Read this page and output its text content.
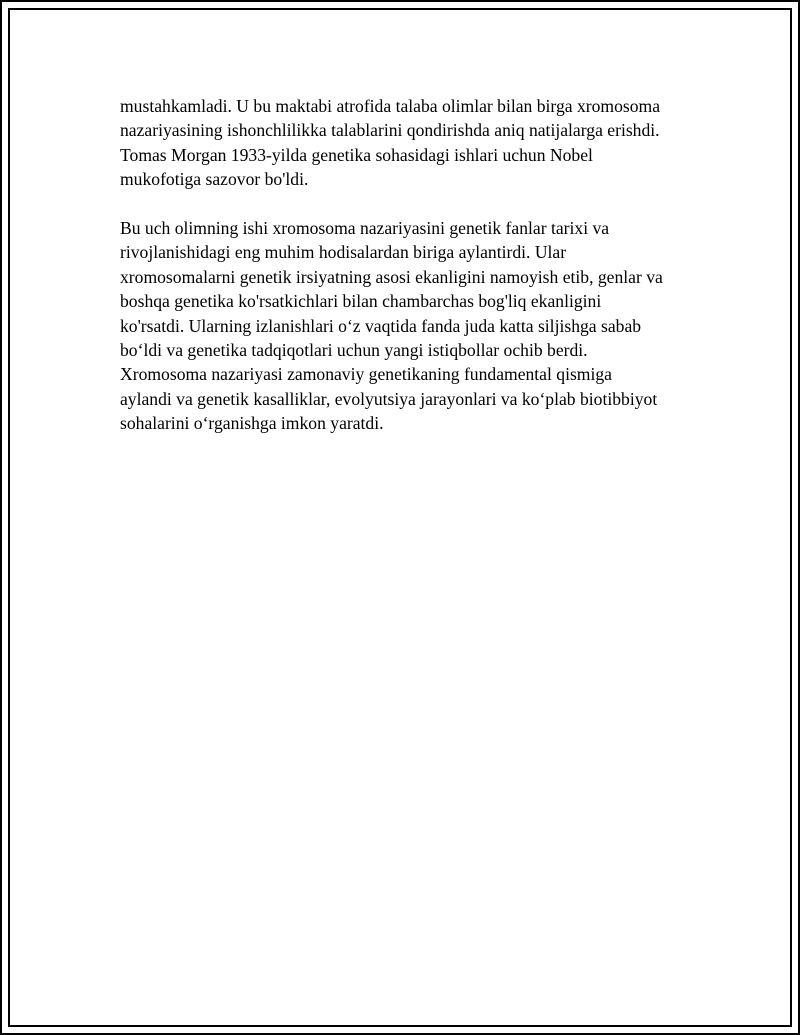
mustahkamladi. U bu maktabi atrofida talaba olimlar bilan birga xromosoma
nazariyasining ishonchlilikka talablarini qondirishda aniq natijalarga erishdi.
Tomas Morgan 1933-yilda genetika sohasidagi ishlari uchun Nobel
mukofotiga sazovor bo'ldi.

Bu uch olimning ishi xromosoma nazariyasini genetik fanlar tarixi va
rivojlanishidagi eng muhim hodisalardan biriga aylantirdi. Ular
xromosomalarni genetik irsiyatning asosi ekanligini namoyish etib, genlar va
boshqa genetika ko'rsatkichlari bilan chambarchas bog'liq ekanligini
ko'rsatdi. Ularning izlanishlari o‘z vaqtida fanda juda katta siljishga sabab
bo‘ldi va genetika tadqiqotlari uchun yangi istiqbollar ochib berdi.
Xromosoma nazariyasi zamonaviy genetikaning fundamental qismiga
aylandi va genetik kasalliklar, evolyutsiya jarayonlari va ko‘plab biotibbiyot
sohalarini o‘rganishga imkon yaratdi.
